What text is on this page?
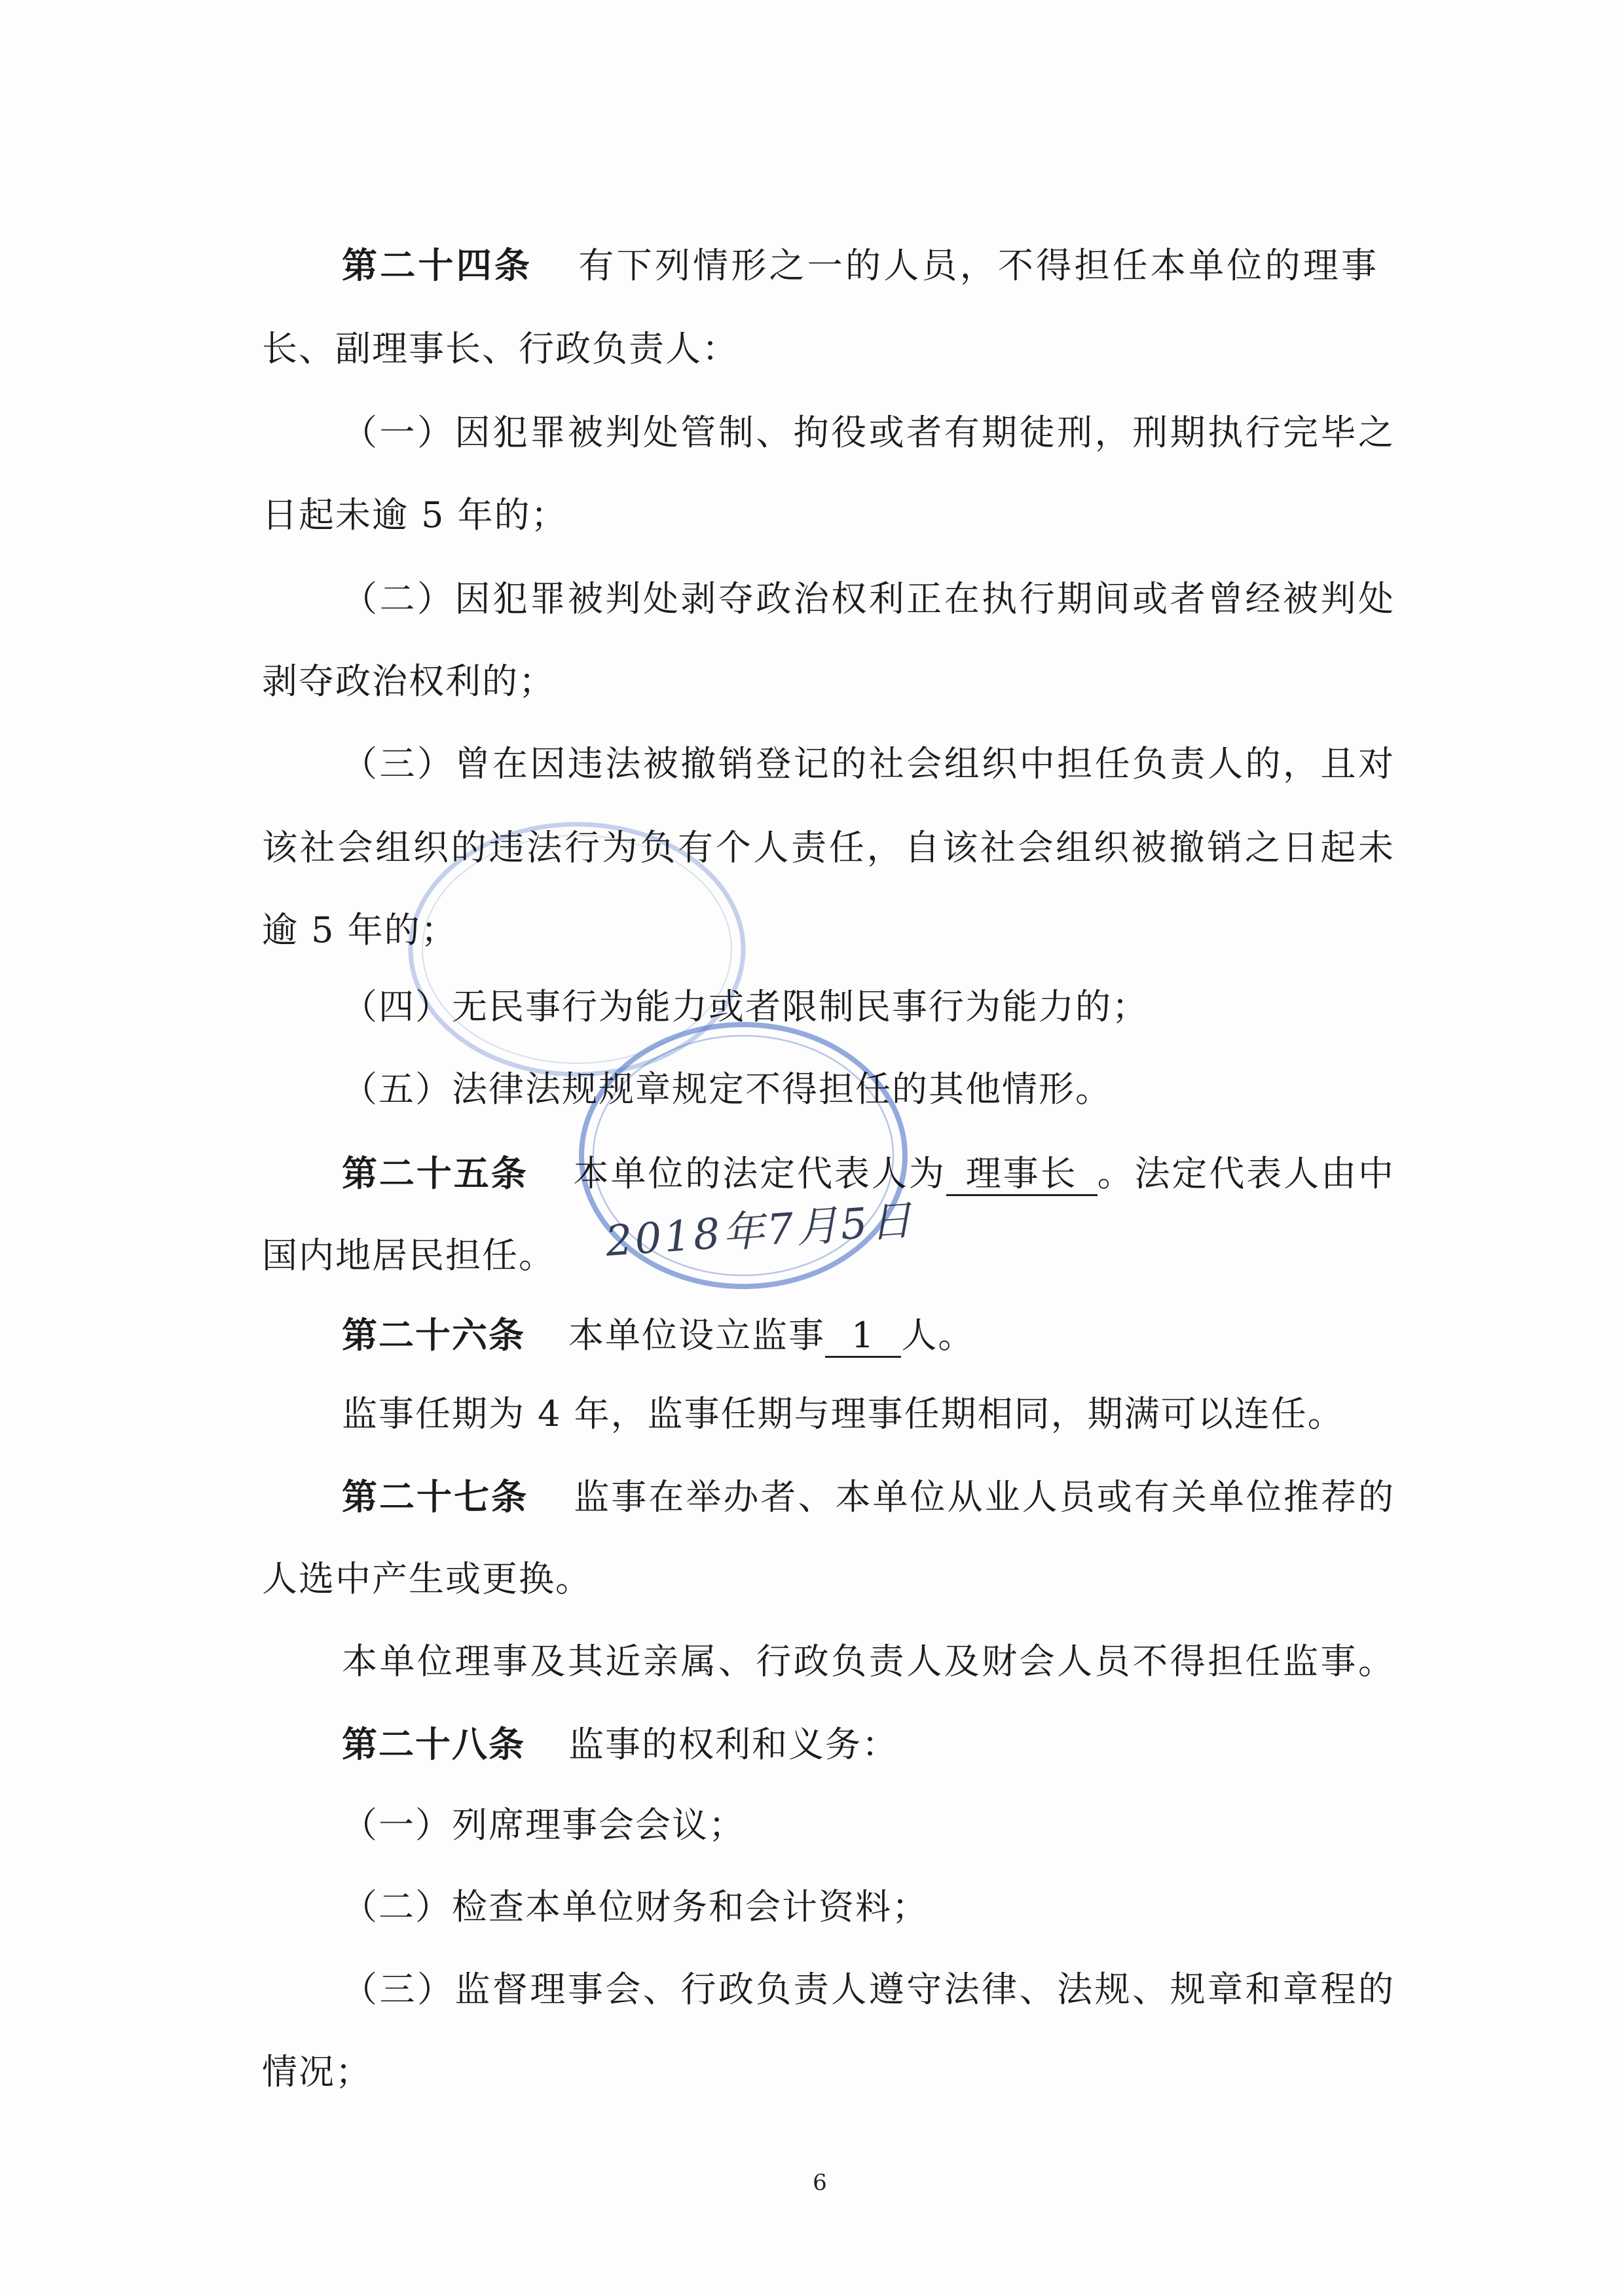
第二十四条 有下列情形之一的人员，不得担任本单位的理事
长、副理事长、行政负责人：
（一）因犯罪被判处管制、拘役或者有期徒刑，刑期执行完毕之
日起未逾 5 年的；
（二）因犯罪被判处剥夺政治权利正在执行期间或者曾经被判处
剥夺政治权利的；
（三）曾在因违法被撤销登记的社会组织中担任负责人的，且对
该社会组织的违法行为负有个人责任，自该社会组织被撤销之日起未
逾 5 年的；
（四）无民事行为能力或者限制民事行为能力的；
（五）法律法规规章规定不得担任的其他情形。
第二十五条 本单位的法定代表人为 理事长 。法定代表人由中
国内地居民担任。
第二十六条 本单位设立监事 1 人。
监事任期为 4 年，监事任期与理事任期相同，期满可以连任。
第二十七条 监事在举办者、本单位从业人员或有关单位推荐的
人选中产生或更换。
本单位理事及其近亲属、行政负责人及财会人员不得担任监事。
第二十八条 监事的权利和义务：
（一）列席理事会会议；
（二）检查本单位财务和会计资料；
（三）监督理事会、行政负责人遵守法律、法规、规章和章程的
情况；
2018年7月5日
6
